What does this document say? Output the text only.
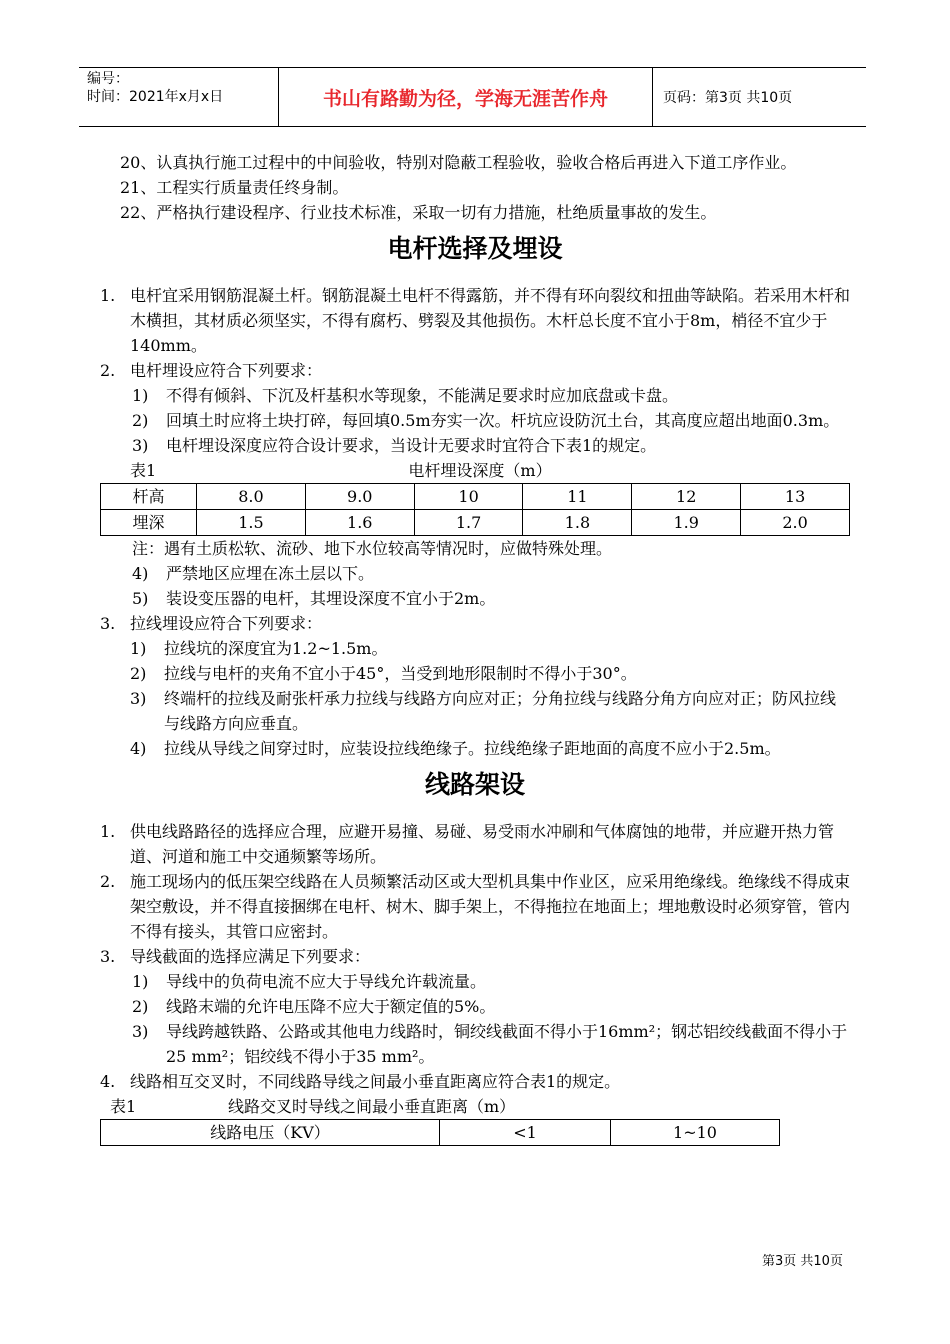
编号：
时间：2021年x月x日	书山有路勤为径，学海无涯苦作舟	页码：第3页 共10页
20、认真执行施工过程中的中间验收，特别对隐蔽工程验收，验收合格后再进入下道工序作业。
21、工程实行质量责任终身制。
22、严格执行建设程序、行业技术标准，采取一切有力措施，杜绝质量事故的发生。
电杆选择及埋设
1. 电杆宜采用钢筋混凝土杆。钢筋混凝土电杆不得露筋，并不得有环向裂纹和扭曲等缺陷。若采用木杆和木横担，其材质必须坚实，不得有腐朽、劈裂及其他损伤。木杆总长度不宜小于8m，梢径不宜少于140mm。
2. 电杆埋设应符合下列要求：
1)	不得有倾斜、下沉及杆基积水等现象，不能满足要求时应加底盘或卡盘。
2)	回填土时应将土块打碎，每回填0.5m夯实一次。杆坑应设防沉土台，其高度应超出地面0.3m。
3)	电杆埋设深度应符合设计要求，当设计无要求时宜符合下表1的规定。
表1	电杆埋设深度（m）
杆高	8.0	9.0	10	11	12	13
埋深	1.5	1.6	1.7	1.8	1.9	2.0
注：遇有土质松软、流砂、地下水位较高等情况时，应做特殊处理。
4)	严禁地区应埋在冻土层以下。
5)	装设变压器的电杆，其埋设深度不宜小于2m。
3. 拉线埋设应符合下列要求：
1)	拉线坑的深度宜为1.2~1.5m。
2)	拉线与电杆的夹角不宜小于45°，当受到地形限制时不得小于30°。
3)	终端杆的拉线及耐张杆承力拉线与线路方向应对正；分角拉线与线路分角方向应对正；防风拉线与线路方向应垂直。
4)	拉线从导线之间穿过时，应装设拉线绝缘子。拉线绝缘子距地面的高度不应小于2.5m。
线路架设
1. 供电线路路径的选择应合理，应避开易撞、易碰、易受雨水冲刷和气体腐蚀的地带，并应避开热力管道、河道和施工中交通频繁等场所。
2. 施工现场内的低压架空线路在人员频繁活动区或大型机具集中作业区，应采用绝缘线。绝缘线不得成束架空敷设，并不得直接捆绑在电杆、树木、脚手架上，不得拖拉在地面上；埋地敷设时必须穿管，管内不得有接头，其管口应密封。
3. 导线截面的选择应满足下列要求：
1)	导线中的负荷电流不应大于导线允许载流量。
2)	线路末端的允许电压降不应大于额定值的5%。
3)	导线跨越铁路、公路或其他电力线路时，铜绞线截面不得小于16mm²；钢芯铝绞线截面不得小于25 mm²；铝绞线不得小于35 mm²。
4. 线路相互交叉时，不同线路导线之间最小垂直距离应符合表1的规定。
表1	线路交叉时导线之间最小垂直距离（m）
线路电压（KV）	<1	1~10
第3页 共10页
